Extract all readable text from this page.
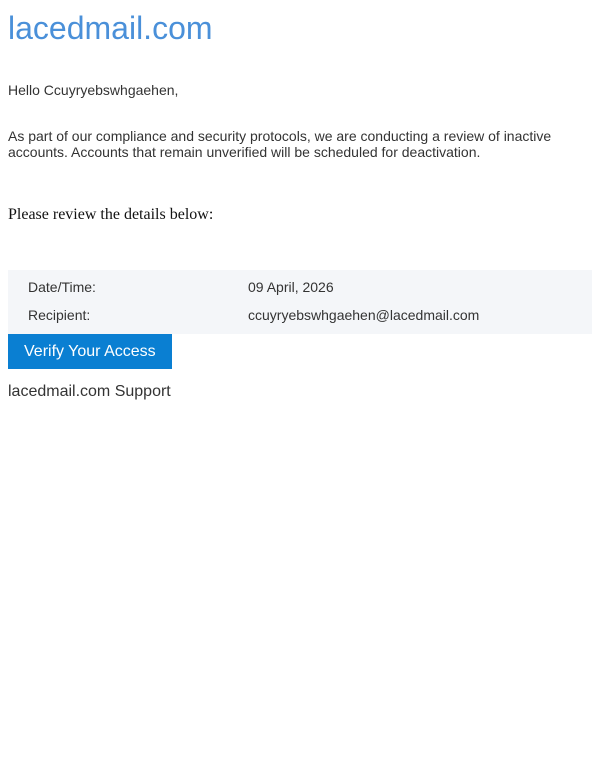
lacedmail.com
Hello Ccuyryebswhgaehen,
As part of our compliance and security protocols, we are conducting a review of inactive accounts. Accounts that remain unverified will be scheduled for deactivation.
Please review the details below:
Date/Time:	09 April, 2026
Recipient:	ccuyryebswhgaehen@lacedmail.com
Verify Your Access
lacedmail.com Support
